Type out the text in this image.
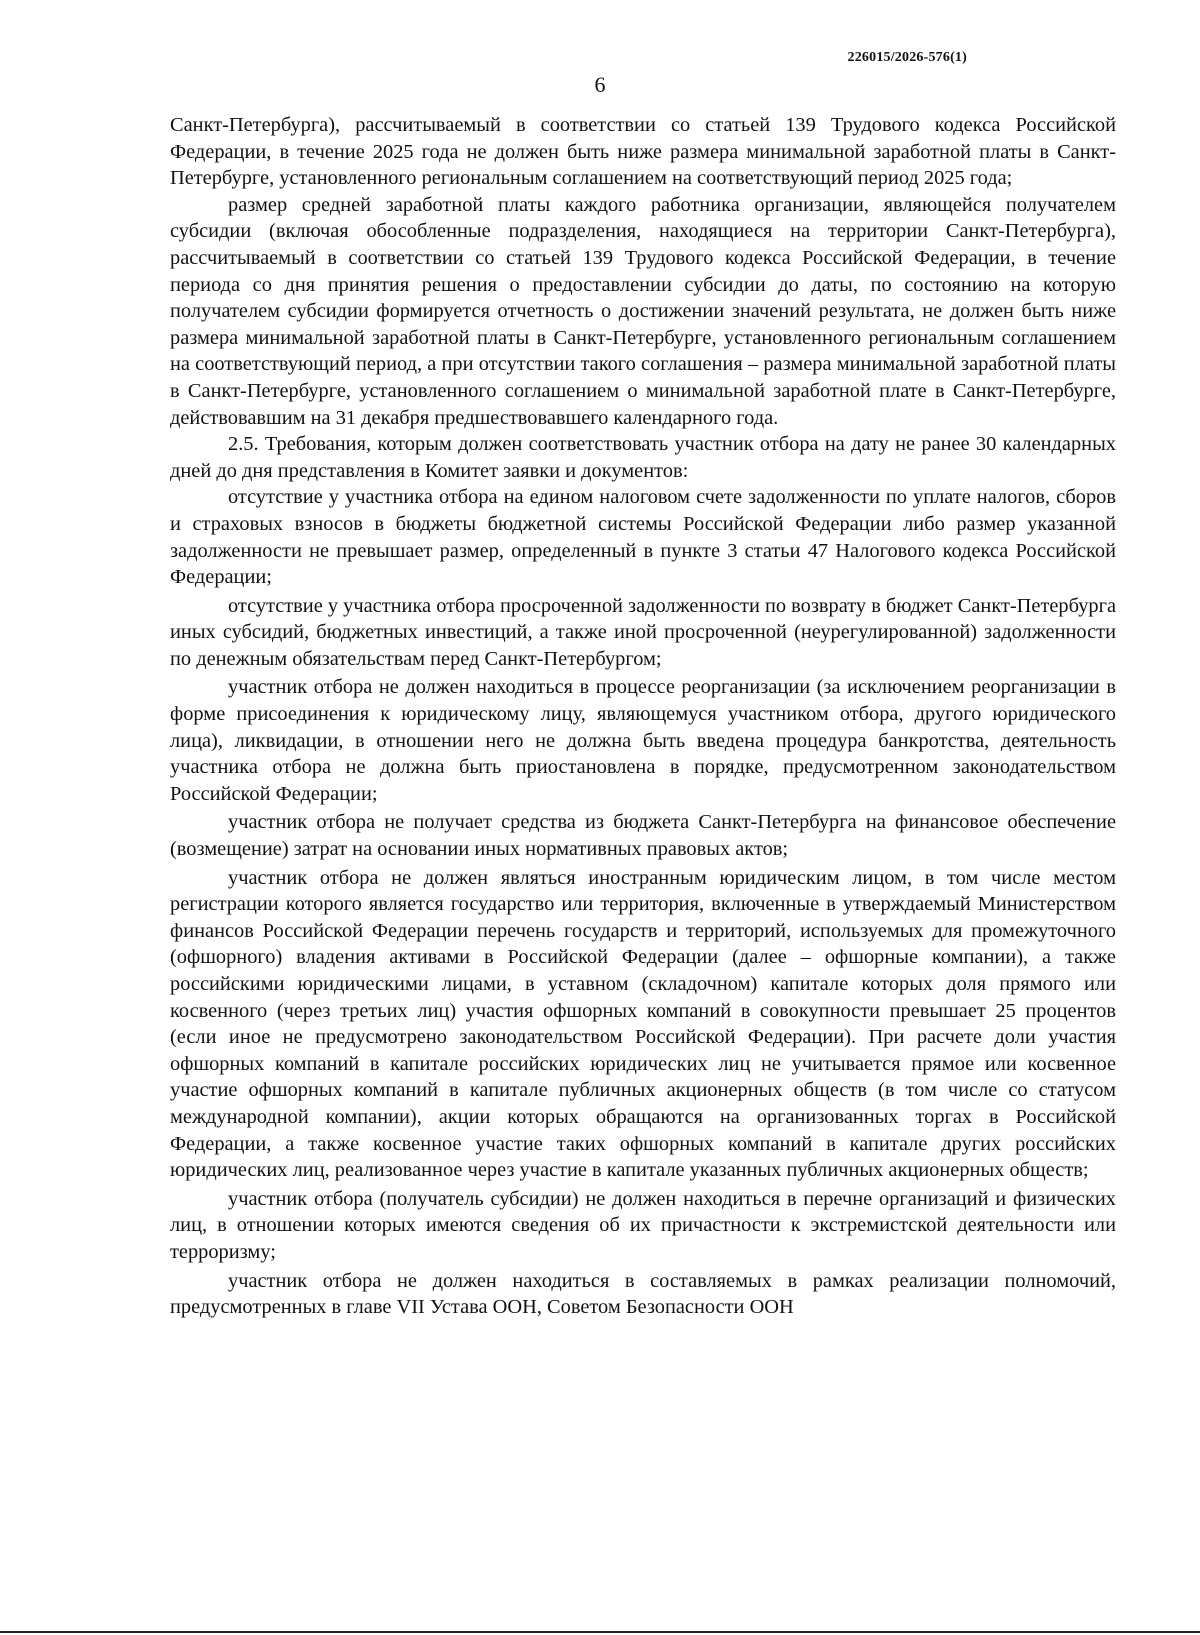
226015/2026-576(1)
6

Санкт-Петербурга), рассчитываемый в соответствии со статьей 139 Трудового кодекса Российской Федерации, в течение 2025 года не должен быть ниже размера минимальной заработной платы в Санкт-Петербурге, установленного региональным соглашением на соответствующий период 2025 года;

размер средней заработной платы каждого работника организации, являющейся получателем субсидии (включая обособленные подразделения, находящиеся на территории Санкт-Петербурга), рассчитываемый в соответствии со статьей 139 Трудового кодекса Российской Федерации, в течение периода со дня принятия решения о предоставлении субсидии до даты, по состоянию на которую получателем субсидии формируется отчетность о достижении значений результата, не должен быть ниже размера минимальной заработной платы в Санкт-Петербурге, установленного региональным соглашением на соответствующий период, а при отсутствии такого соглашения – размера минимальной заработной платы в Санкт-Петербурге, установленного соглашением о минимальной заработной плате в Санкт-Петербурге, действовавшим на 31 декабря предшествовавшего календарного года.

2.5. Требования, которым должен соответствовать участник отбора на дату не ранее 30 календарных дней до дня представления в Комитет заявки и документов:

отсутствие у участника отбора на едином налоговом счете задолженности по уплате налогов, сборов и страховых взносов в бюджеты бюджетной системы Российской Федерации либо размер указанной задолженности не превышает размер, определенный в пункте 3 статьи 47 Налогового кодекса Российской Федерации;

отсутствие у участника отбора просроченной задолженности по возврату в бюджет Санкт-Петербурга иных субсидий, бюджетных инвестиций, а также иной просроченной (неурегулированной) задолженности по денежным обязательствам перед Санкт-Петербургом;

участник отбора не должен находиться в процессе реорганизации (за исключением реорганизации в форме присоединения к юридическому лицу, являющемуся участником отбора, другого юридического лица), ликвидации, в отношении него не должна быть введена процедура банкротства, деятельность участника отбора не должна быть приостановлена в порядке, предусмотренном законодательством Российской Федерации;

участник отбора не получает средства из бюджета Санкт-Петербурга на финансовое обеспечение (возмещение) затрат на основании иных нормативных правовых актов;

участник отбора не должен являться иностранным юридическим лицом, в том числе местом регистрации которого является государство или территория, включенные в утверждаемый Министерством финансов Российской Федерации перечень государств и территорий, используемых для промежуточного (офшорного) владения активами в Российской Федерации (далее – офшорные компании), а также российскими юридическими лицами, в уставном (складочном) капитале которых доля прямого или косвенного (через третьих лиц) участия офшорных компаний в совокупности превышает 25 процентов (если иное не предусмотрено законодательством Российской Федерации). При расчете доли участия офшорных компаний в капитале российских юридических лиц не учитывается прямое или косвенное участие офшорных компаний в капитале публичных акционерных обществ (в том числе со статусом международной компании), акции которых обращаются на организованных торгах в Российской Федерации, а также косвенное участие таких офшорных компаний в капитале других российских юридических лиц, реализованное через участие в капитале указанных публичных акционерных обществ;

участник отбора (получатель субсидии) не должен находиться в перечне организаций и физических лиц, в отношении которых имеются сведения об их причастности к экстремистской деятельности или терроризму;

участник отбора не должен находиться в составляемых в рамках реализации полномочий, предусмотренных в главе VII Устава ООН, Советом Безопасности ООН
